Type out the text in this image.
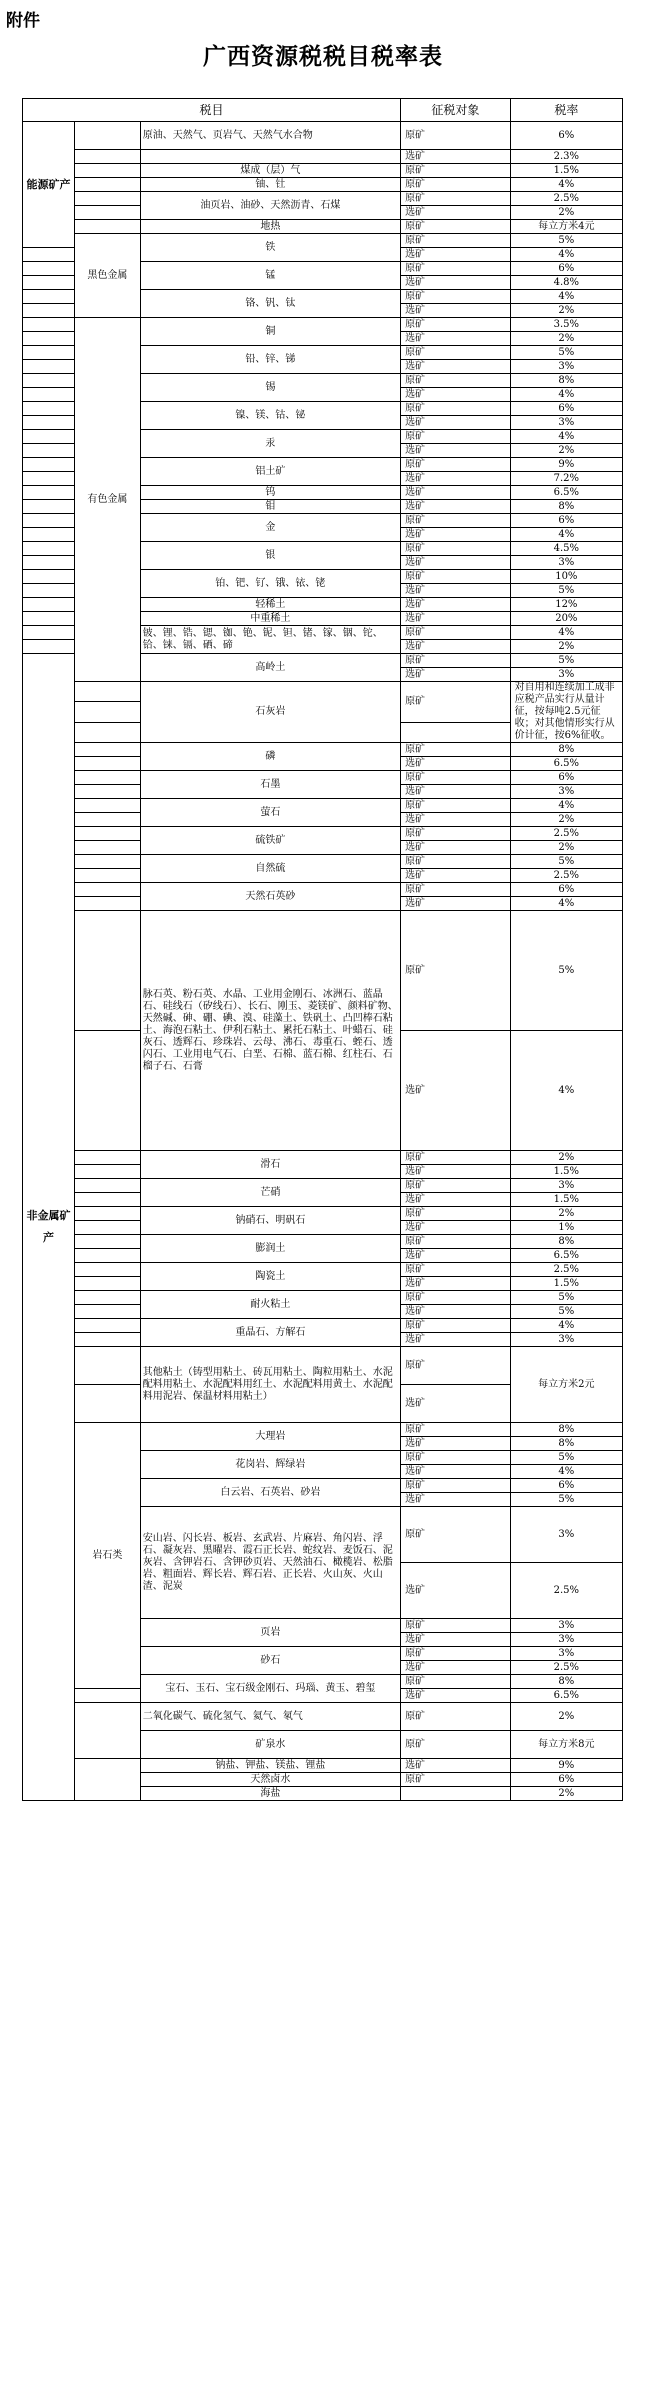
附件
广西资源税税目税率表
税目			征税对象	税率
能源矿产		原油、天然气、页岩气、天然气水合物	原矿	6%

			选矿	2.3%
		煤成（层）气	原矿	1.5%
		铀、钍	原矿	4%
		油页岩、油砂、天然沥青、石煤	原矿	2.5%
			选矿	2%
		地热	原矿	每立方米4元
	黑色金属	铁	原矿	5%
			选矿	4%
		锰	原矿	6%
			选矿	4.8%
		铬、钒、钛	原矿	4%
			选矿	2%
	有色金属	铜	原矿	3.5%
			选矿	2%
		铅、锌、锑	原矿	5%
			选矿	3%
		锡	原矿	8%
			选矿	4%
		镍、镁、钴、铋	原矿	6%
			选矿	3%
		汞	原矿	4%
			选矿	2%
		铝土矿	原矿	9%
			选矿	7.2%
		钨	选矿	6.5%
		钼	选矿	8%
		金	原矿	6%
			选矿	4%
		银	原矿	4.5%
			选矿	3%
		铂、钯、钌、锇、铱、铑	原矿	10%
			选矿	5%
		轻稀土	选矿	12%
		中重稀土	选矿	20%
		铍、锂、锆、锶、铷、铯、铌、钽、锗、镓、铟、铊、铪、铼、镉、硒、碲	原矿	4%
			选矿	2%
非金属矿产		高岭土	原矿	5%
			选矿	3%
		石灰岩	原矿	对自用和连续加工成非应税产品实行从量计征，按每吨2.5元征收；对其他情形实行从价计征，按6%征收。

		磷	原矿	8%
			选矿	6.5%
		石墨	原矿	6%
			选矿	3%
		萤石	原矿	4%
			选矿	2%
		硫铁矿	原矿	2.5%
			选矿	2%
		自然硫	原矿	5%
			选矿	2.5%
		天然石英砂	原矿	6%
			选矿	4%
		脉石英、粉石英、水晶、工业用金刚石、冰洲石、蓝晶石、硅线石（矽线石）、长石、刚玉、菱镁矿、颜料矿物、天然碱、砷、硼、碘、溴、硅藻土、铁矾土、凸凹棒石粘土、海泡石粘土、伊利石粘土、累托石粘土、叶蜡石、硅灰石、透辉石、珍珠岩、云母、沸石、毒重石、蛭石、透闪石、工业用电气石、白垩、石棉、蓝石棉、红柱石、石榴子石、石膏	原矿	5%
			选矿	4%
		滑石	原矿	2%
			选矿	1.5%
		芒硝	原矿	3%
			选矿	1.5%
		钠硝石、明矾石	原矿	2%
			选矿	1%
		膨润土	原矿	8%
			选矿	6.5%
		陶瓷土	原矿	2.5%
			选矿	1.5%
		耐火粘土	原矿	5%
			选矿	5%
		重晶石、方解石	原矿	4%
			选矿	3%
		其他粘土（铸型用粘土、砖瓦用粘土、陶粒用粘土、水泥配料用粘土、水泥配料用红土、水泥配料用黄土、水泥配料用泥岩、保温材料用粘土）	原矿	每立方米2元
			选矿	
	岩石类	大理岩	原矿	8%
			选矿	8%
		花岗岩、辉绿岩	原矿	5%
			选矿	4%
		白云岩、石英岩、砂岩	原矿	6%
			选矿	5%
		安山岩、闪长岩、板岩、玄武岩、片麻岩、角闪岩、浮石、凝灰岩、黑曜岩、霞石正长岩、蛇纹岩、麦饭石、泥灰岩、含钾岩石、含钾砂页岩、天然油石、橄榄岩、松脂岩、粗面岩、辉长岩、辉石岩、正长岩、火山灰、火山渣、泥炭	原矿	3%
			选矿	2.5%
		页岩	原矿	3%
			选矿	3%
		砂石	原矿	3%
			选矿	2.5%
		宝石、玉石、宝石级金刚石、玛瑙、黄玉、碧玺	原矿	8%
			选矿	6.5%
		二氧化碳气、硫化氢气、氦气、氡气	原矿	2%
		矿泉水	原矿	每立方米8元
		钠盐、钾盐、镁盐、锂盐	选矿	9%
		天然卤水	原矿	6%
		海盐		2%
